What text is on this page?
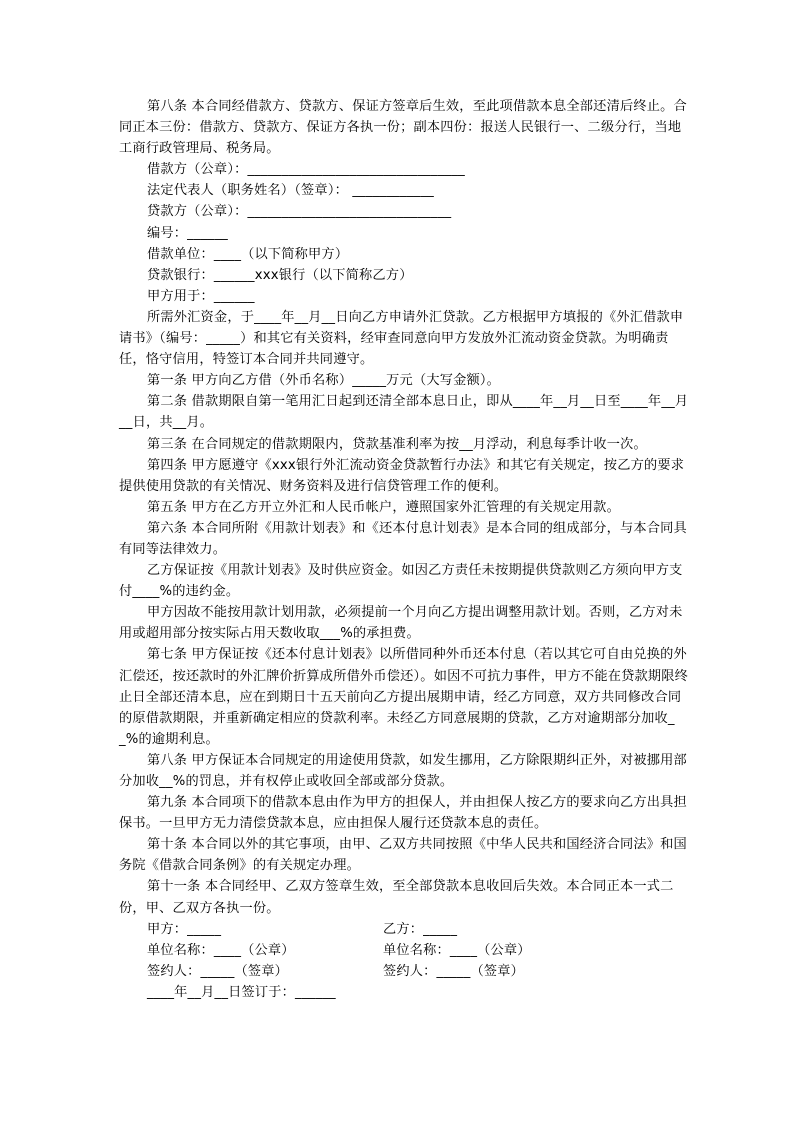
第八条 本合同经借款方、贷款方、保证方签章后生效，至此项借款本息全部还清后终止。合同正本三份：借款方、贷款方、保证方各执一份；副本四份：报送人民银行一、二级分行，当地工商行政管理局、税务局。

借款方（公章）：________________________________

法定代表人（职务姓名）（签章）： ____________

贷款方（公章）：______________________________

编号：______

借款单位：____（以下简称甲方）

贷款银行：______xxx银行（以下简称乙方）

甲方用于：______

所需外汇资金，于____年__月__日向乙方申请外汇贷款。乙方根据甲方填报的《外汇借款申请书》（编号：_____）和其它有关资料，经审查同意向甲方发放外汇流动资金贷款。为明确责任，恪守信用，特签订本合同并共同遵守。

第一条 甲方向乙方借（外币名称）_____万元（大写金额）。

第二条 借款期限自第一笔用汇日起到还清全部本息日止，即从____年__月__日至____年__月__日，共__月。

第三条 在合同规定的借款期限内，贷款基准利率为按__月浮动，利息每季计收一次。

第四条 甲方愿遵守《xxx银行外汇流动资金贷款暂行办法》和其它有关规定，按乙方的要求提供使用贷款的有关情况、财务资料及进行信贷管理工作的便利。

第五条 甲方在乙方开立外汇和人民币帐户，遵照国家外汇管理的有关规定用款。

第六条 本合同所附《用款计划表》和《还本付息计划表》是本合同的组成部分，与本合同具有同等法律效力。

乙方保证按《用款计划表》及时供应资金。如因乙方责任未按期提供贷款则乙方须向甲方支付____%的违约金。

甲方因故不能按用款计划用款，必须提前一个月向乙方提出调整用款计划。否则，乙方对未用或超用部分按实际占用天数收取___%的承担费。

第七条 甲方保证按《还本付息计划表》以所借同种外币还本付息（若以其它可自由兑换的外汇偿还，按还款时的外汇牌价折算成所借外币偿还）。如因不可抗力事件，甲方不能在贷款期限终止日全部还清本息，应在到期日十五天前向乙方提出展期申请，经乙方同意，双方共同修改合同的原借款期限，并重新确定相应的贷款利率。未经乙方同意展期的贷款，乙方对逾期部分加收__%的逾期利息。

第八条 甲方保证本合同规定的用途使用贷款，如发生挪用，乙方除限期纠正外，对被挪用部分加收__%的罚息，并有权停止或收回全部或部分贷款。

第九条 本合同项下的借款本息由作为甲方的担保人，并由担保人按乙方的要求向乙方出具担保书。一旦甲方无力清偿贷款本息，应由担保人履行还贷款本息的责任。

第十条 本合同以外的其它事项，由甲、乙双方共同按照《中华人民共和国经济合同法》和国务院《借款合同条例》的有关规定办理。

第十一条 本合同经甲、乙双方签章生效，至全部贷款本息收回后失效。本合同正本一式二份，甲、乙双方各执一份。

甲方：_____	乙方：_____
单位名称：____（公章）	单位名称：____（公章）
签约人：_____（签章）	签约人：_____（签章）

____年__月__日签订于：______
